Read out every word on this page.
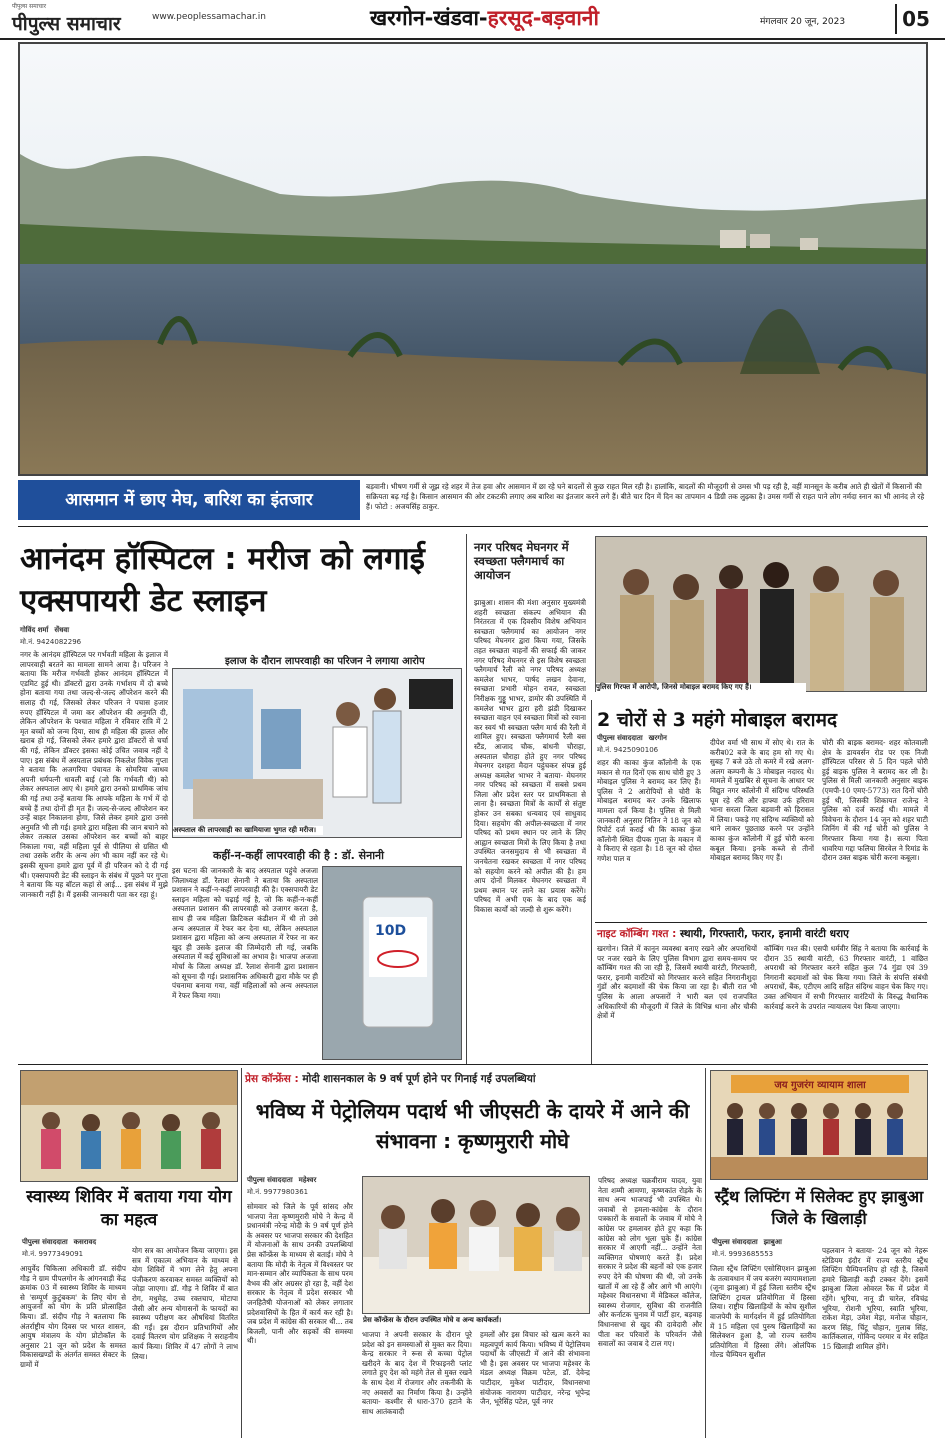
पीपुल्स समाचार
पीपुल्स समाचार	www.peoplessamachar.in	खरगोन-खंडवा-हरसूद-बड़वानी	मंगलवार 20 जून, 2023	05
आसमान में छाए मेघ, बारिश का इंतजार
बड़वानी। भीषण गर्मी से जूझ रहे शहर में तेज हवा और आसमान में छा रहे घने बादलों से कुछ राहत मिल रही है। हालांकि, बादलों की मौजूदगी से उमस भी पड़ रही है, वहीं मानसून के करीब आते ही खेतों में किसानों की सक्रियता बढ़ गई है। किसान आसमान की ओर टकटकी लगाए अब बारिश का इंतजार करने लगे हैं। बीते चार दिन में दिन का तापमान 4 डिग्री तक लुढ़का है। उमस गर्मी से राहत पाने लोग नर्मदा स्नान का भी आनंद ले रहे हैं। फोटो : अजयसिंह ठाकुर.
आनंदम हॉस्पिटल : मरीज को लगाई एक्सपायरी डेट स्लाइन
गोविंद शर्मा सेंधवा
मो.नं. 9424082296
इलाज के दौरान लापरवाही का परिजन ने लगाया आरोप
नगर के आनंदम हॉस्पिटल पर गर्भवती महिला के इलाज में लापरवाही बरतने का मामला सामने आया है। परिजन ने बताया कि मरीज गर्भवती होकर आनंदम हॉस्पिटल में एडमिट हुई थी। डॉक्टरों द्वारा उनके गर्भाशय में दो बच्चे होना बताया गया तथा जल्द-से-जल्द ऑपरेशन करने की सलाह दी गई, जिसको लेकर परिजन ने पचास हजार रुपए हॉस्पिटल में जमा कर ऑपरेशन की अनुमति दी, लेकिन ऑपरेशन के पश्चात महिला ने रविवार रात्रि में 2 मृत बच्चों को जन्म दिया, साथ ही महिला की हालत और खराब हो गई, जिसको लेकर हमारे द्वारा डॉक्टरों से चर्चा की गई, लेकिन डॉक्टर इसका कोई उचित जवाब नहीं दे पाए। इस संबंध में अस्पताल प्रबंधक निकलेश विवेक गुप्ता ने बताया कि अजगरिया पंचायत के सोमरिया जाधव अपनी धर्मपत्नी धावली बाई (जो कि गर्भवती थी) को लेकर अस्पताल आए थे। हमारे द्वारा उनको प्राथमिक जांच की गई तथा उन्हें बताया कि आपके महिला के गर्भ में दो बच्चे हैं तथा दोनों ही मृत हैं। जल्द-से-जल्द ऑपरेशन कर उन्हें बाहर निकालना होगा, जिसे लेकर हमारे द्वारा उनसे अनुमति भी ली गई। हमारे द्वारा महिला की जान बचाने को लेकर तत्काल उसका ऑपरेशन कर बच्चों को बाहर निकाला गया, वहीं महिला पूर्व से पीलिया से ग्रसित थी तथा उसके शरीर के अन्य अंग भी काम नहीं कर रहे थे। इसकी सूचना हमारे द्वारा पूर्व में ही परिजन को दे दी गई थी। एक्सपायरी डेट की स्लाइन के संबंध में पूछने पर गुप्ता ने बताया कि यह बॉटल कहां से आई... इस संबंध में मुझे जानकारी नहीं है। मैं इसकी जानकारी पता कर रहा हूं।
अस्पताल की लापरवाही का खामियाजा भुगत रही मरीज।
कहीं-न-कहीं लापरवाही की है : डॉ. सेनानी
इस घटना की जानकारी के बाद अस्पताल पहुंचे अजजा जिलाध्यक्ष डॉ. रैलाश सेनानी ने बताया कि अस्पताल प्रशासन ने कहीं-न-कहीं लापरवाही की है। एक्सपायरी डेट स्लाइन महिला को चढ़ाई गई है, जो कि कहीं-न-कहीं अस्पताल प्रशासन की लापरवाही को उजागर करता है, साथ ही जब महिला क्रिटिकल कंडीशन में थी तो उसे अन्य अस्पताल में रेफर कर देना था, लेकिन अस्पताल प्रशासन द्वारा महिला को अन्य अस्पताल में रेफर ना कर खुद ही उसके इलाज की जिम्मेदारी ली गई, जबकि अस्पताल में कई सुविधाओं का अभाव है। भाजपा अजजा मोर्चा के जिला अध्यक्ष डॉ. रैलाश सेनानी द्वारा प्रशासन को सूचना दी गई। प्रशासनिक अधिकारी द्वारा मौके पर ही पंचनामा बनाया गया, वहीं महिलाओं को अन्य अस्पताल में रेफर किया गया।
10D
नगर परिषद मेघनगर में स्वच्छता फ्लैगमार्च का आयोजन
झाबुआ। शासन की मंशा अनुसार मुख्यमंत्री शहरी स्वच्छता संकल्प अभियान की निरंतरता में एक दिवसीय विशेष अभियान स्वच्छता फ्लैगमार्च का आयोजन नगर परिषद मेघनगर द्वारा किया गया, जिसके तहत स्वच्छता वाहनों की सफाई की जाकर नगर परिषद मेघनगर से इस विशेष स्वच्छता फ्लैगमार्च रैली को नगर परिषद अध्यक्ष कमलेश भाभर, पार्षद लखन देवाना, स्वच्छता प्रभारी मोहन रावत, स्वच्छता निरीक्षक गुड्डू भाभर, डामोर की उपस्थिति में कमलेश भाभर द्वारा हरी झंडी दिखाकर स्वच्छता वाहन एवं स्वच्छता मित्रों को रवाना कर स्वयं भी स्वच्छता फ्लैग मार्च की रैली में शामिल हुए। स्वच्छता फ्लैगमार्च रैली बस स्टैंड, आजाद चौक, बांधनी चौराहा, अस्पताल चौराहा होते हुए नगर परिषद मेघनगर दशहरा मैदान पहुंचकर संपन्न हुई अध्यक्ष कमलेश भाभर ने बताया- मेघनगर नगर परिषद को स्वच्छता में सबसे प्रथम जिला और प्रदेश स्तर पर प्राथमिकता से लाना है। स्वच्छता मित्रों के कार्यों से संतुष्ट होकर उन सबका धन्यवाद एवं साधुवाद दिया। सहयोग की अपील-स्वच्छता में नगर परिषद को प्रथम स्थान पर लाने के लिए आह्वान स्वच्छता मित्रों के लिए किया है तथा उपस्थित जनसमुदाय से भी स्वच्छता में जनचेतना रखकर स्वच्छता में नगर परिषद को सहयोग करने को अपील की है। हम आप दोनों मिलकर मेघनगर स्वच्छता में प्रथम स्थान पर लाने का प्रयास करेंगे। परिषद में अभी एक के बाद एक कई विकास कार्यों को जल्दी से शुरू करेंगे।
पुलिस गिरफ्त में आरोपी, जिनसे मोबाइल बरामद किए गए हैं।
2 चोरों से 3 महंगे मोबाइल बरामद
पीपुल्स संवाददाता खरगोन
मो.नं. 9425090106
शहर की काका कुंज कॉलोनी के एक मकान से गत दिनों एक साथ चोरी हुए 3 मोबाइल पुलिस ने बरामद कर लिए हैं। पुलिस ने 2 आरोपियों से चोरी के मोबाइल बरामद कर उनके खिलाफ मामला दर्ज किया है। पुलिस से मिली जानकारी अनुसार नितिन ने 18 जून को रिपोर्ट दर्ज कराई थी कि काका कुंज कॉलोनी स्थित दीपक गुप्ता के मकान में वे किराए से रहता है। 18 जून को दोस्त गणेश पाल व
दीपेश वर्मा भी साथ में सोए थे। रात के करीब02 बजे के बाद हम सो गए थे। सुबह 7 बजे उठे तो कमरे में रखे अलग-अलग कम्पनी के 3 मोबाइल नदारद थे। मामले में मुखबिर से सूचना के आधार पर विद्युत नगर कॉलोनी में संदिग्ध परिस्थति घूम रहे रवि और हाफ्या उर्फ हरिराम भाना सरला जिला बड़वानी को हिरासत में लिया। पकड़े गए संदिग्ध व्यक्तियों को थाने लाकर पूछताछ करने पर उन्होंने काका कुंज कॉलोनी में हुई चोरी करना कबूल किया। इनके कब्जे से तीनों मोबाइल बरामद किए गए हैं।
चोरी की बाइक बरामद- शहर कोतवाली क्षेत्र के डायवर्सन रोड पर एक निजी हॉस्पिटल परिसर से 5 दिन पहले चोरी हुई बाइक पुलिस ने बरामद कर ली है। पुलिस से मिली जानकारी अनुसार बाइक (एमपी-10 एमए-5773) रात दिनों चोरी हुई थी, जिसकी शिकायत राजेन्द्र ने पुलिस को दर्ज कराई थी। मामले में विवेचना के दौरान 14 जून को शहर घाटी जिनिंग में की गई चोरी को पुलिस ने गिरफ्तार किया गया है। सत्या पिता धावरिया गद्दा फलिया सिरवेल ने रिमांड के दौरान उक्त बाइक चोरी करना कबूला।
नाइट कॉम्बिंग गश्त : स्थायी, गिरफ्तारी, फरार, इनामी वारंटी धराए
खरगोन। जिले में कानून व्यवस्था बनाए रखने और अपराधियों पर नजर रखने के लिए पुलिस विभाग द्वारा समय-समय पर कॉम्बिंग गश्त की जा रही है, जिसमें स्थायी वारंटी, गिरफ्तारी, फरार, इनामी वारंटियों को गिरफ्तार करने सहित निगरानीशुदा गुंडों और बदमाशों की चेक किया जा रहा है। बीती रात भी पुलिस के आला अफसरों ने भारी बल एवं राजपत्रित अधिकारियों की मौजूदगी में जिले के विभिन्न थाना और चौकी क्षेत्रों में
कॉम्बिंग गश्त की। एसपी धर्मवीर सिंह ने बताया कि कार्रवाई के दौरान 35 स्थायी वारंटी, 63 गिरफ्तार वारंटी, 1 वांछित अपराधी को गिरफ्तार करने सहित कुल 74 गुंडा एवं 39 निगरानी बदमाशों को चेक किया गया। जिले के संपत्ति संबंधी अपराधों, बैंक, एटीएम आदि सहित संदिग्ध वाहन चेक किए गए। उक्त अभियान में सभी गिरफ्तार वारंटियों के विरुद्ध वैधानिक कार्रवाई करने के उपरांत न्यायालय पेश किया जाएगा।
स्वास्थ्य शिविर में बताया गया योग का महत्व
पीपुल्स संवाददाता कसरावद
मो.नं. 9977349091
आयुर्वेद चिकित्सा अधिकारी डॉ. संदीप गौड़ ने ग्राम पीपलगोन के आंगनवाड़ी केंद्र क्रमांक 03 में स्वास्थ्य शिविर के माध्यम से 'सम्पूर्ण कुटुंबकम' के लिए योग से आयुजनों को योग के प्रति प्रोत्साहित किया। डॉ. संदीप गौड़ ने बतलाया कि अंतर्राष्ट्रीय योग दिवस पर भारत शासन, आयुष मंत्रालय के योग प्रोटोकॉल के अनुसार 21 जून को प्रदेश के समस्त विकासखण्डों के अंतर्गत समस्त सेक्टर के ग्रामों में
योग सत्र का आयोजन किया जाएगा। इस सत्र में एकात्म अभियान के माध्यम से योग शिविरों में भाग लेने हेतु अपना पंजीकरण करवाकर समस्त व्यक्तियों को जोड़ा जाएगा। डॉ. गौड़ ने शिविर में बात रोग, मधुमेह, उच्च रक्तचाप, मोटापा जैसी और अन्य योगासनों के फायदों का स्वास्थ्य परीक्षण कर औषधियां वितरित की गईं। इस दौरान प्रतिभागियों और दवाई वितरण योग प्रशिक्षक ने सराहनीय कार्य किया। शिविर में 47 लोगों ने लाभ लिया।
प्रेस कॉन्फ्रेंस : मोदी शासनकाल के 9 वर्ष पूर्ण होने पर गिनाई गईं उपलब्धियां
भविष्य में पेट्रोलियम पदार्थ भी जीएसटी के दायरे में आने की संभावना : कृष्णमुरारी मोघे
पीपुल्स संवाददाता महेश्वर
मो.नं. 9977980361
सोमवार को जिले के पूर्व सांसद और भाजपा नेता कृष्णमुरारी मोघे ने केन्द्र में प्रधानमंत्री नरेन्द्र मोदी के 9 वर्ष पूर्ण होने के अवसर पर भाजपा सरकार की देशहित में योजनाओं के साथ उनकी उपलब्धियां प्रेस कॉन्फ्रेंस के माध्यम से बताई। मोघे ने बताया कि मोदी के नेतृत्व में विश्वस्तर पर मान-सम्मान और व्यापिकता के साथ परम वैभव की ओर अग्रसर हो रहा है, वहीं देश सरकार के नेतृत्व में प्रदेश सरकार भी जनहितैषी योजनाओं को लेकर लगातार प्रदेशवासियों के हित में कार्य कर रही है। जब प्रदेश में कांग्रेस की सरकार थी... तब बिजली, पानी और सड़कों की समस्या थी।
प्रेस कॉन्फ्रेंस के दौरान उपस्थित मोघे व अन्य कार्यकर्ता।
भाजपा ने अपनी सरकार के दौरान पूरे प्रदेश को इन समस्याओं से मुक्त कर दिया। केन्द्र सरकार ने रूस से कच्चा पेट्रोल खरीदने के बाद देश में रिफाइनरी प्लांट लगाते हुए देश को महंगे तेल से मुक्त रखने के साथ देश में रोजगार और तकनीकी के नए अवसरों का निर्माण किया है। उन्होंने बताया- कश्मीर से धारा-370 हटाने के साथ आतंकवादी
हमलों और इस विचार को खत्म करने का महत्वपूर्ण कार्य किया। भविष्य में पेट्रोलियम पदार्थों के जीएसटी में आने की संभावना भी है। इस अवसर पर भाजपा महेश्वर के मंडल अध्यक्ष विक्रम पटेल, डॉ. देवेन्द्र पाटीदार, मुकेश पाटीदार, विधानसभा संयोजक नारायण पाटीदार, नरेन्द्र भूपेन्द्र जैन, भूरेसिंह पटेल, पूर्व नगर
परिषद अध्यक्ष चक्रवीराम यादव, युवा नेता शम्मी आमणा, कृष्णकांत रोड़के के साथ अन्य भाजपाई भी उपस्थित थे। जवाबों से हमला-कांग्रेस के दौरान पत्रकारों के सवालों के जवाब में मोघे ने कांग्रेस पर हमलावर होते हुए कहा कि कांग्रेस को लोग भूला चुके हैं। कांग्रेस सरकार में आएगी नहीं... उन्होंने नेता व्यक्तिगत घोषणाएं करते हैं। प्रदेश सरकार ने प्रदेश की बहनों को एक हजार रुपए देने की घोषणा की थी, जो उनके खातों में आ रहे हैं और आगे भी आएंगे। महेश्वर विधानसभा में मेडिकल कॉलेज, स्वास्थ्य रोजगार, सुविधा की राजनीति और कर्नाटक चुनाव में पार्टी हार, बड़वाह विधानसभा से खुद की दावेदारी और पीता कर परिवारों के परिवर्तन जैसे सवालों का जवाब दे टाल गए।
जय गुजरंग व्यायाम शाला
स्ट्रैंथ लिफ्टिंग में सिलेक्ट हुए झाबुआ जिले के खिलाड़ी
पीपुल्स संवाददाता झाबुआ
मो.नं. 9993685553
जिला स्ट्रैंथ लिफ्टिंग एसोसिएशन झाबुआ के तत्वावधान में जय बजरंग व्यायामशाला (जूना झाबुआ) में हुई जिला स्तरीय स्ट्रैंथ लिफ्टिंग ट्रायल प्रतियोगिता में हिस्सा लिया। राष्ट्रीय खिलाड़ियों के कोच सुशील वाजपेयी के मार्गदर्शन में हुई प्रतियोगिता में 15 महिला एवं पुरुष खिलाड़ियों का सिलेक्शन हुआ है, जो राज्य स्तरीय प्रतियोगिता में हिस्सा लेंगे। ओलंपिक गोल्ड चैम्पियन सुशील
पहलवान ने बताया- 24 जून को नेहरू स्टेडियम इंदौर में राज्य स्तरीय स्ट्रैंथ लिफ्टिंग चैम्पियनशिप हो रही है, जिसमें हमारे खिलाड़ी कड़ी टक्कर देंगे। इसमें झाबुआ जिला ओवरल रैंक में प्रदेश में रहेंगे। भूरिया, नानू डी चारेल, रविचंद्र भूरिया, रोशनी भूरिया, स्वाति भूरिया, राकेश मेड़ा, उमेश मेड़ा, मनोज चौहान, करण सिंह, चिंटू चौहान, गुलाब सिंह, कार्तिकलाल, गोविन्द परमार व मेर सहित 15 खिलाड़ी शामिल होंगे।
